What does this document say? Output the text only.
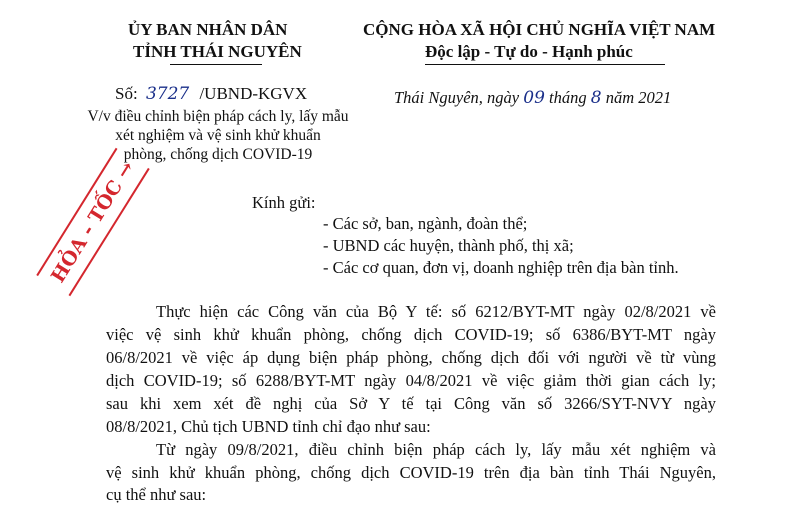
ỦY BAN NHÂN DÂN
TỈNH THÁI NGUYÊN
CỘNG HÒA XÃ HỘI CHỦ NGHĨA VIỆT NAM
Độc lập - Tự do - Hạnh phúc
Số: 3727 /UBND-KGVX
V/v điều chỉnh biện pháp cách ly, lấy mẫu
xét nghiệm và vệ sinh khử khuẩn
phòng, chống dịch COVID-19
Thái Nguyên, ngày 09 tháng 8 năm 2021
HỎA - TỐC →
Kính gửi:
- Các sở, ban, ngành, đoàn thể;
- UBND các huyện, thành phố, thị xã;
- Các cơ quan, đơn vị, doanh nghiệp trên địa bàn tỉnh.
Thực hiện các Công văn của Bộ Y tế: số 6212/BYT-MT ngày 02/8/2021 về
việc vệ sinh khử khuẩn phòng, chống dịch COVID-19; số 6386/BYT-MT ngày
06/8/2021 về việc áp dụng biện pháp phòng, chống dịch đối với người về từ vùng
dịch COVID-19; số 6288/BYT-MT ngày 04/8/2021 về việc giảm thời gian cách ly;
sau khi xem xét đề nghị của Sở Y tế tại Công văn số 3266/SYT-NVY ngày
08/8/2021, Chủ tịch UBND tỉnh chỉ đạo như sau:
Từ ngày 09/8/2021, điều chỉnh biện pháp cách ly, lấy mẫu xét nghiệm và
vệ sinh khử khuẩn phòng, chống dịch COVID-19 trên địa bàn tỉnh Thái Nguyên,
cụ thể như sau:
